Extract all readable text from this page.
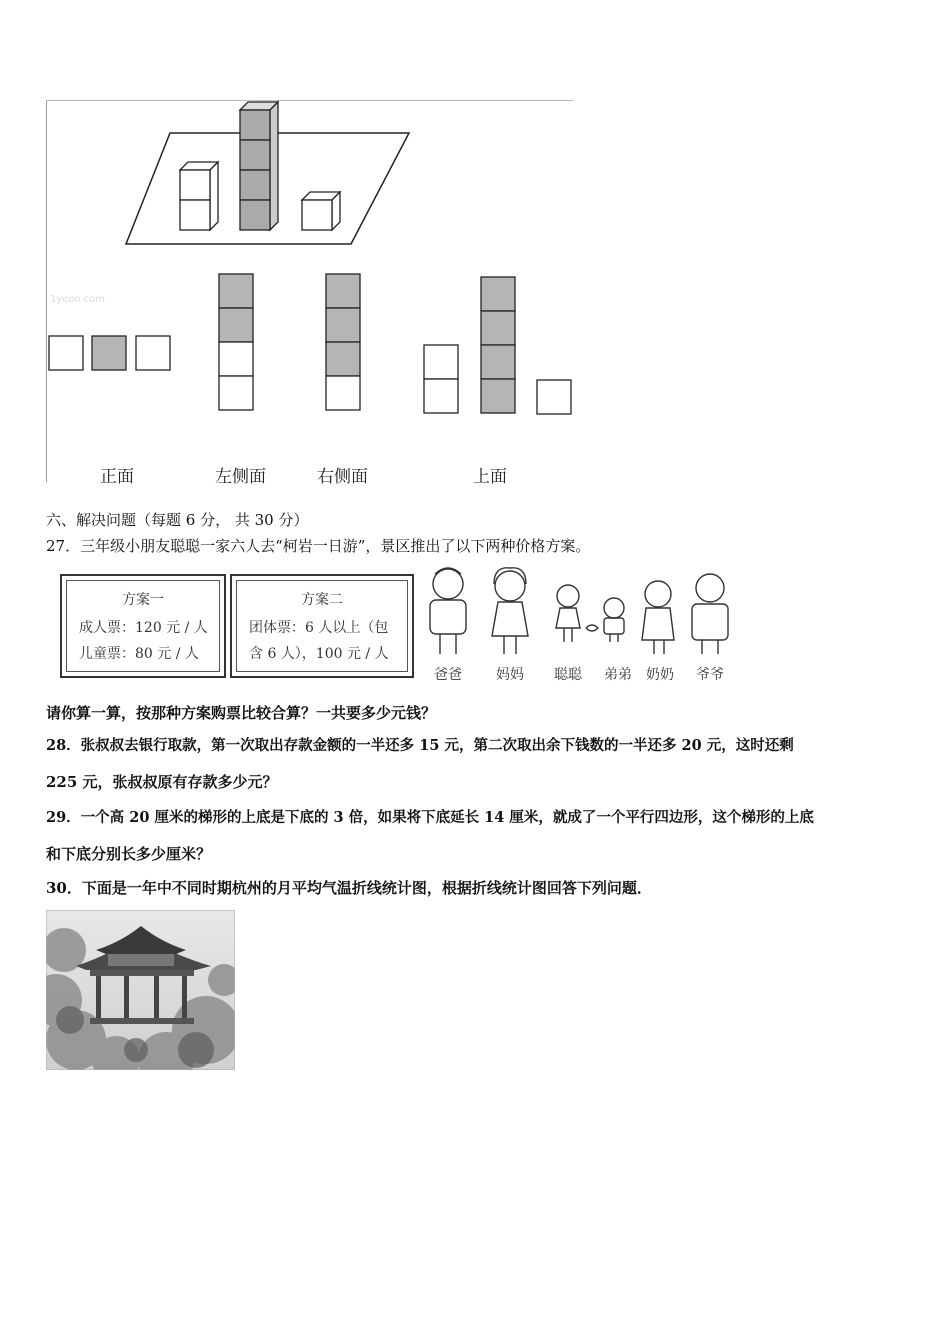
1yeoo.com
正面	左侧面	右侧面	上面
六、解决问题（每题 6 分， 共 30 分）
27．三年级小朋友聪聪一家六人去“柯岩一日游”，景区推出了以下两种价格方案。
方案一
成人票：120 元 / 人
儿童票：80 元 / 人
方案二
团体票：6 人以上（包
含 6 人），100 元 / 人
爸爸	妈妈	聪聪	弟弟	奶奶	爷爷
请你算一算，按那种方案购票比较合算？一共要多少元钱？
28．张叔叔去银行取款，第一次取出存款金额的一半还多 15 元，第二次取出余下钱数的一半还多 20 元，这时还剩
225 元，张叔叔原有存款多少元？
29．一个高 20 厘米的梯形的上底是下底的 3 倍，如果将下底延长 14 厘米，就成了一个平行四边形，这个梯形的上底
和下底分别长多少厘米？
30．下面是一年中不同时期杭州的月平均气温折线统计图，根据折线统计图回答下列问题．
